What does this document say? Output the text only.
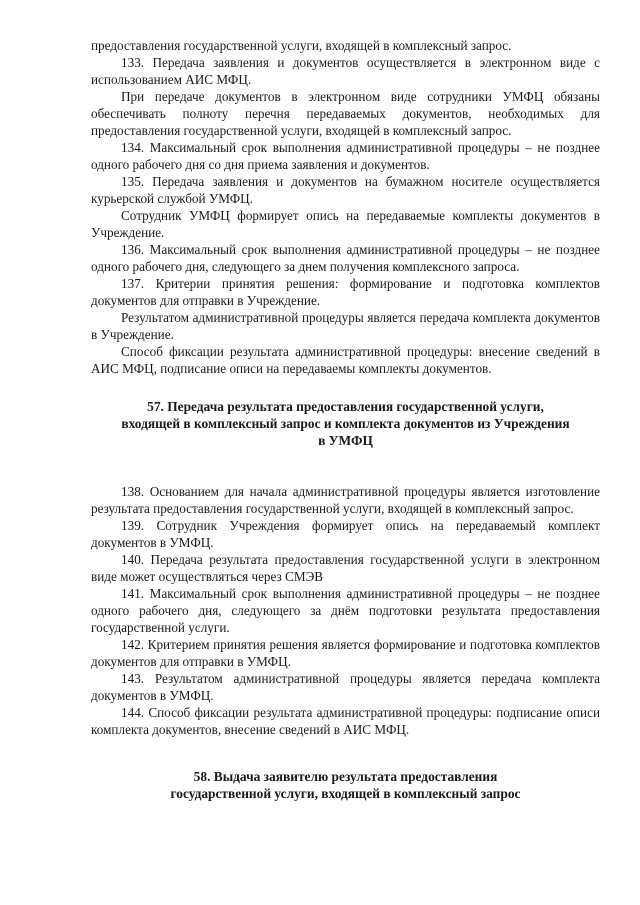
предоставления государственной услуги, входящей в комплексный запрос.

133. Передача заявления и документов осуществляется в электронном виде с использованием АИС МФЦ.

При передаче документов в электронном виде сотрудники УМФЦ обязаны обеспечивать полноту перечня передаваемых документов, необходимых для предоставления государственной услуги, входящей в комплексный запрос.

134. Максимальный срок выполнения административной процедуры – не позднее одного рабочего дня со дня приема заявления и документов.

135. Передача заявления и документов на бумажном носителе осуществляется курьерской службой УМФЦ.

Сотрудник УМФЦ формирует опись на передаваемые комплекты документов в Учреждение.

136. Максимальный срок выполнения административной процедуры – не позднее одного рабочего дня, следующего за днем получения комплексного запроса.

137. Критерии принятия решения: формирование и подготовка комплектов документов для отправки в Учреждение.

Результатом административной процедуры является передача комплекта документов в Учреждение.

Способ фиксации результата административной процедуры: внесение сведений в АИС МФЦ, подписание описи на передаваемы комплекты документов.

57. Передача результата предоставления государственной услуги,
входящей в комплексный запрос и комплекта документов из Учреждения
в УМФЦ

138. Основанием для начала административной процедуры является изготовление результата предоставления государственной услуги, входящей в комплексный запрос.

139. Сотрудник Учреждения формирует опись на передаваемый комплект документов в УМФЦ.

140. Передача результата предоставления государственной услуги в электронном виде может осуществляться через СМЭВ

141. Максимальный срок выполнения административной процедуры – не позднее одного рабочего дня, следующего за днём подготовки результата предоставления государственной услуги.

142. Критерием принятия решения является формирование и подготовка комплектов документов для отправки в УМФЦ.

143. Результатом административной процедуры является передача комплекта документов в УМФЦ.

144. Способ фиксации результата административной процедуры: подписание описи комплекта документов, внесение сведений в АИС МФЦ.

58. Выдача заявителю результата предоставления
государственной услуги, входящей в комплексный запрос
